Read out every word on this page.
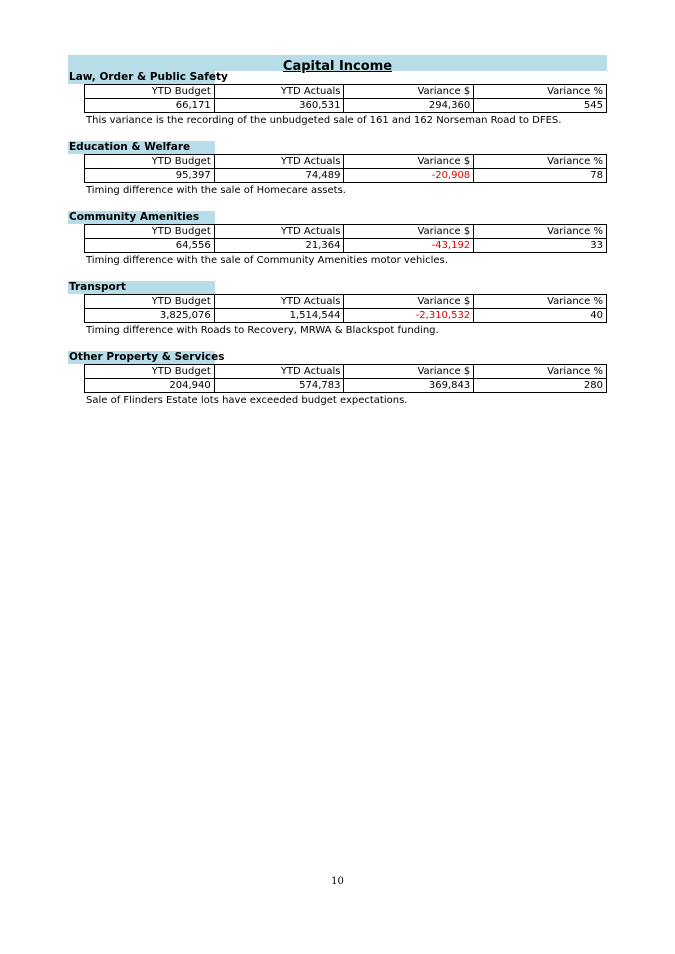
Capital Income
Law, Order & Public Safety
YTD Budget	YTD Actuals	Variance $	Variance %
66,171	360,531	294,360	545
This variance is the recording of the unbudgeted sale of 161 and 162 Norseman Road to DFES.
Education & Welfare
YTD Budget	YTD Actuals	Variance $	Variance %
95,397	74,489	-20,908	78
Timing difference with the sale of Homecare assets.
Community Amenities
YTD Budget	YTD Actuals	Variance $	Variance %
64,556	21,364	-43,192	33
Timing difference with the sale of Community Amenities motor vehicles.
Transport
YTD Budget	YTD Actuals	Variance $	Variance %
3,825,076	1,514,544	-2,310,532	40
Timing difference with Roads to Recovery, MRWA & Blackspot funding.
Other Property & Services
YTD Budget	YTD Actuals	Variance $	Variance %
204,940	574,783	369,843	280
Sale of Flinders Estate lots have exceeded budget expectations.
10
